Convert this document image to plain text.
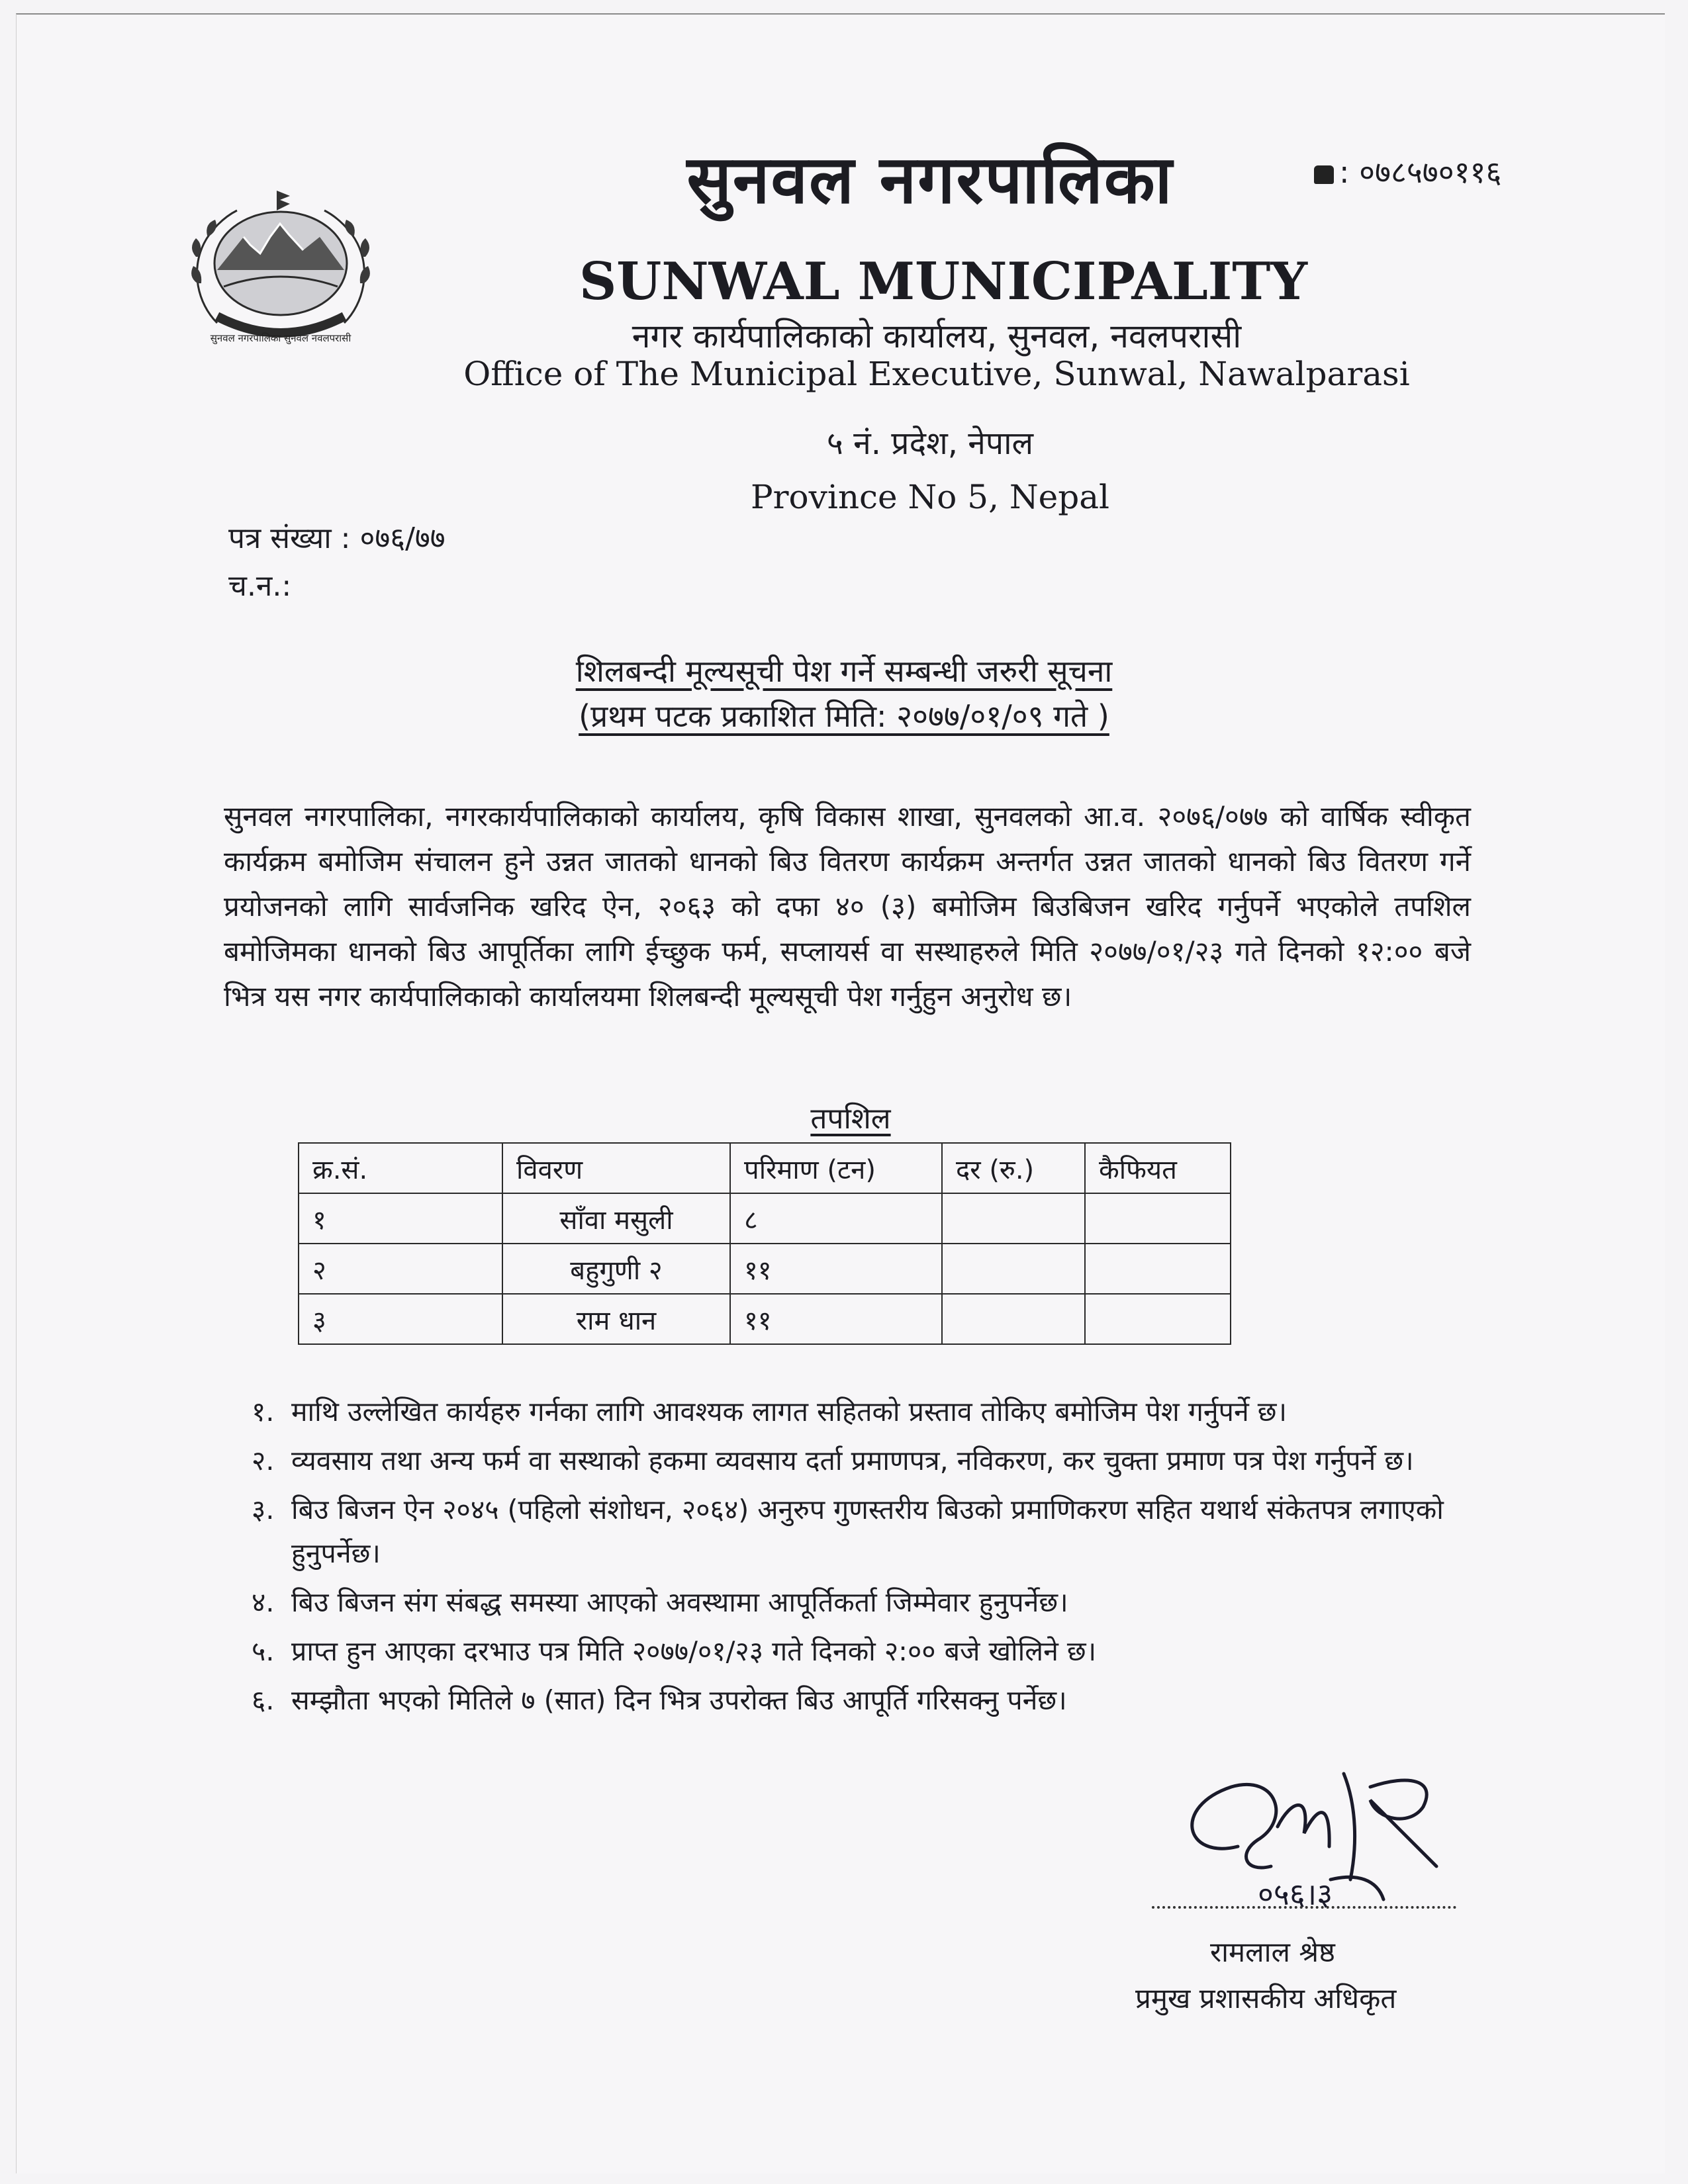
सुनवल नगरपालिका सुनवल नवलपरासी
सुनवल नगरपालिका	: ०७८५७०११६
SUNWAL MUNICIPALITY
नगर कार्यपालिकाको कार्यालय, सुनवल, नवलपरासी
Office of The Municipal Executive, Sunwal, Nawalparasi
५ नं. प्रदेश, नेपाल
Province No 5, Nepal
पत्र संख्या : ०७६/७७
च.न.:
शिलबन्दी मूल्यसूची पेश गर्ने सम्बन्धी जरुरी सूचना
(प्रथम पटक प्रकाशित मिति: २०७७/०१/०९ गते )
सुनवल नगरपालिका, नगरकार्यपालिकाको कार्यालय, कृषि विकास शाखा, सुनवलको आ.व. २०७६/०७७ को वार्षिक स्वीकृत कार्यक्रम बमोजिम संचालन हुने उन्नत जातको धानको बिउ वितरण कार्यक्रम अन्तर्गत उन्नत जातको धानको बिउ वितरण गर्ने प्रयोजनको लागि सार्वजनिक खरिद ऐन, २०६३ को दफा ४० (३) बमोजिम बिउबिजन खरिद गर्नुपर्ने भएकोले तपशिल बमोजिमका धानको बिउ आपूर्तिका लागि ईच्छुक फर्म, सप्लायर्स वा सस्थाहरुले मिति २०७७/०१/२३ गते दिनको १२:०० बजे भित्र यस नगर कार्यपालिकाको कार्यालयमा शिलबन्दी मूल्यसूची पेश गर्नुहुन अनुरोध छ।
तपशिल
क्र.सं.	विवरण	परिमाण (टन)	दर (रु.)	कैफियत
१	साँवा मसुली	८		
२	बहुगुणी २	११		
३	राम धान	११		
१. माथि उल्लेखित कार्यहरु गर्नका लागि आवश्यक लागत सहितको प्रस्ताव तोकिए बमोजिम पेश गर्नुपर्ने छ।
२. व्यवसाय तथा अन्य फर्म वा सस्थाको हकमा व्यवसाय दर्ता प्रमाणपत्र, नविकरण, कर चुक्ता प्रमाण पत्र पेश गर्नुपर्ने छ।
३. बिउ बिजन ऐन २०४५ (पहिलो संशोधन, २०६४) अनुरुप गुणस्तरीय बिउको प्रमाणिकरण सहित यथार्थ संकेतपत्र लगाएको हुनुपर्नेछ।
४. बिउ बिजन संग संबद्ध समस्या आएको अवस्थामा आपूर्तिकर्ता जिम्मेवार हुनुपर्नेछ।
५. प्राप्त हुन आएका दरभाउ पत्र मिति २०७७/०१/२३ गते दिनको २:०० बजे खोलिने छ।
६. सम्झौता भएको मितिले ७ (सात) दिन भित्र उपरोक्त बिउ आपूर्ति गरिसक्नु पर्नेछ।
०५६।३
रामलाल श्रेष्ठ
प्रमुख प्रशासकीय अधिकृत
